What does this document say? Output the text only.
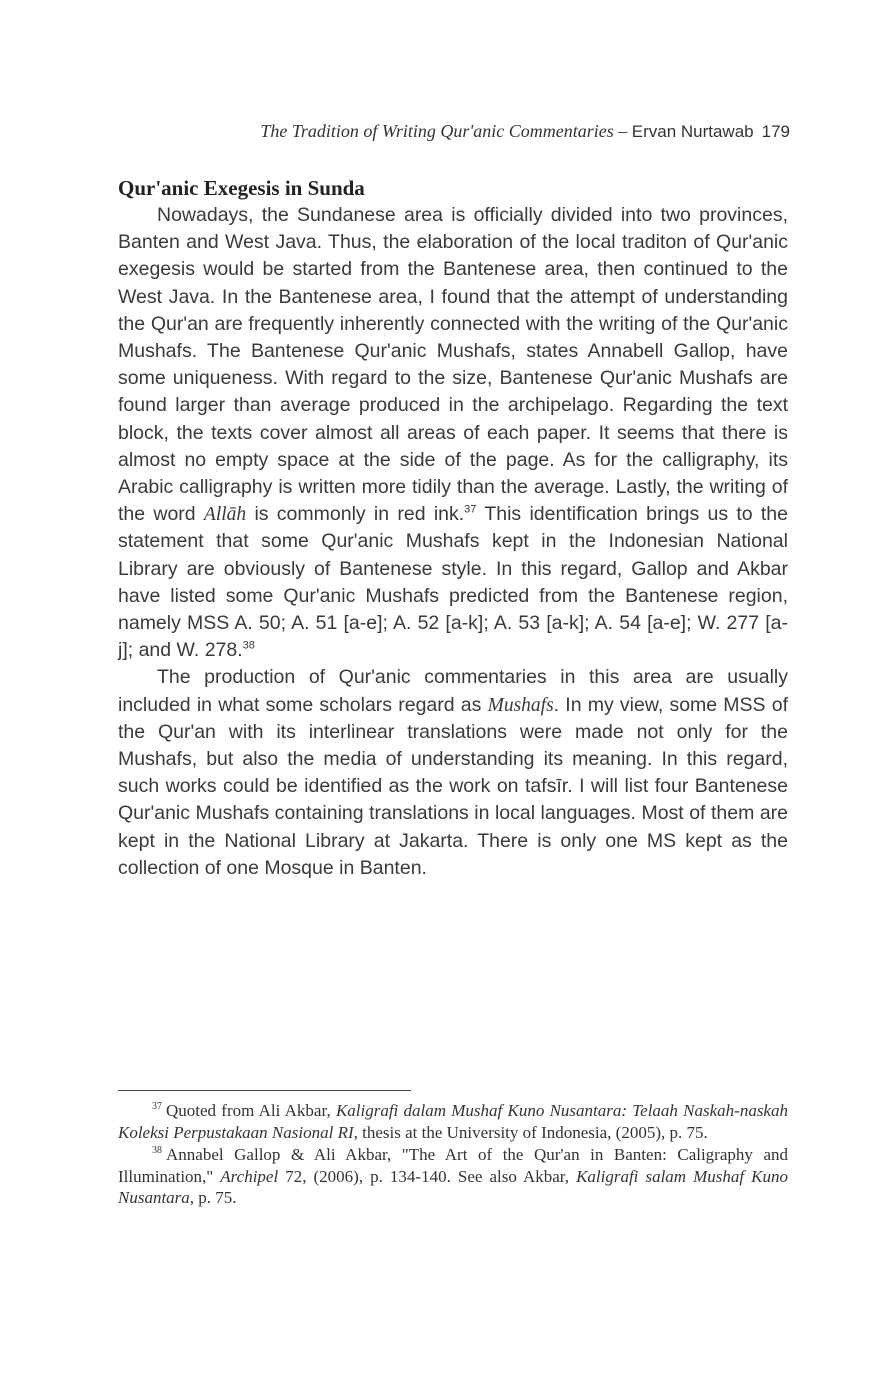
The Tradition of Writing Qur'anic Commentaries – Ervan Nurtawab 179
Qur'anic Exegesis in Sunda

Nowadays, the Sundanese area is officially divided into two provinces, Banten and West Java. Thus, the elaboration of the local traditon of Qur'anic exegesis would be started from the Bantenese area, then continued to the West Java. In the Bantenese area, I found that the attempt of understanding the Qur'an are frequently inherently connected with the writing of the Qur'anic Mushafs. The Bantenese Qur'anic Mushafs, states Annabell Gallop, have some uniqueness. With regard to the size, Bantenese Qur'anic Mushafs are found larger than average produced in the archipelago. Regarding the text block, the texts cover almost all areas of each paper. It seems that there is almost no empty space at the side of the page. As for the calligraphy, its Arabic calligraphy is written more tidily than the average. Lastly, the writing of the word Allāh is commonly in red ink.$^{37}$ This identification brings us to the statement that some Qur'anic Mushafs kept in the Indonesian National Library are obviously of Bantenese style. In this regard, Gallop and Akbar have listed some Qur'anic Mushafs predicted from the Bantenese region, namely MSS A. 50; A. 51 [a-e]; A. 52 [a-k]; A. 53 [a-k]; A. 54 [a-e]; W. 277 [a-j]; and W. 278.38

The production of Qur'anic commentaries in this area are usually included in what some scholars regard as Mushafs. In my view, some MSS of the Qur'an with its interlinear translations were made not only for the Mushafs, but also the media of understanding its meaning. In this regard, such works could be identified as the work on tafsīr. I will list four Bantenese Qur'anic Mushafs containing translations in local languages. Most of them are kept in the National Library at Jakarta. There is only one MS kept as the collection of one Mosque in Banten.

$^{37}$ Quoted from Ali Akbar, Kaligrafi dalam Mushaf Kuno Nusantara: Telaah Naskah-naskah Koleksi Perpustakaan Nasional RI, thesis at the University of Indonesia, (2005), p. 75.

$^{38}$ Annabel Gallop & Ali Akbar, "The Art of the Qur'an in Banten: Caligraphy and Illumination," Archipel 72, (2006), p. 134-140. See also Akbar, Kaligrafi salam Mushaf Kuno Nusantara, p. 75.
